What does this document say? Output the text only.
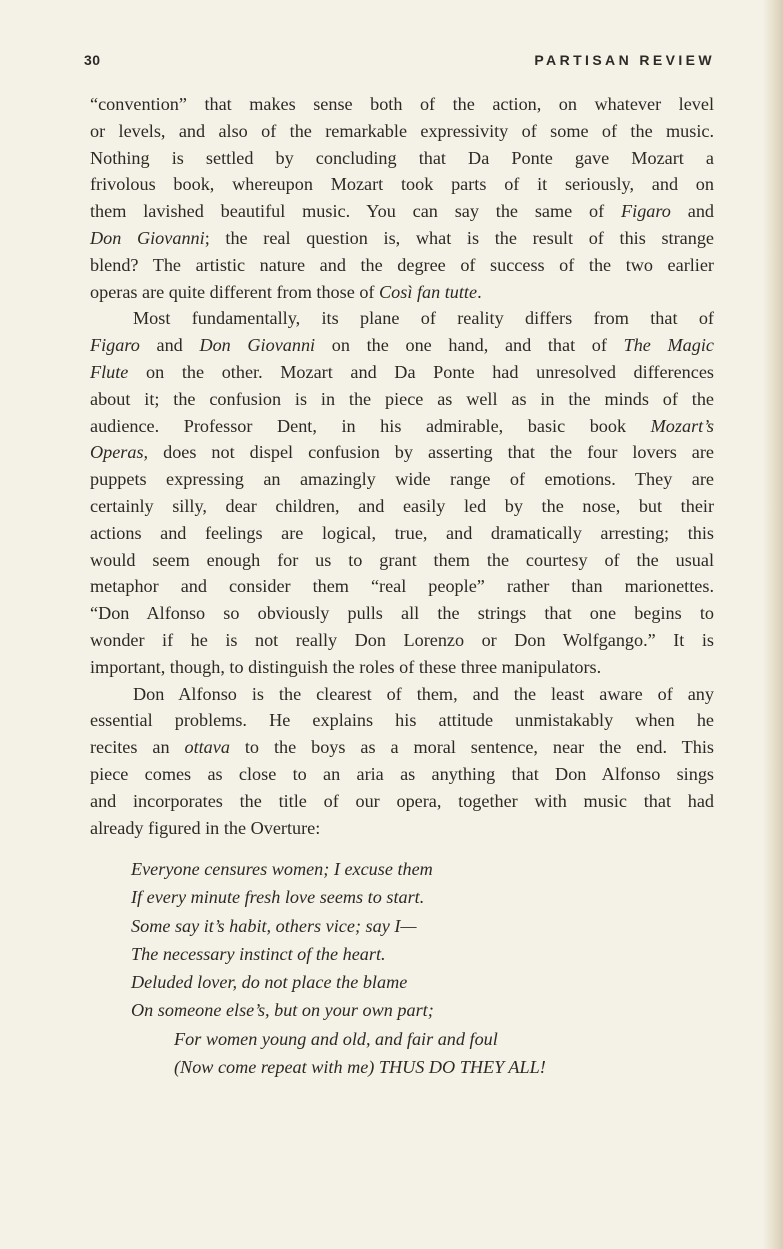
30	PARTISAN REVIEW
“convention” that makes sense both of the action, on whatever level
or levels, and also of the remarkable expressivity of some of the music.
Nothing is settled by concluding that Da Ponte gave Mozart a
frivolous book, whereupon Mozart took parts of it seriously, and on
them lavished beautiful music. You can say the same of Figaro and
Don Giovanni; the real question is, what is the result of this strange
blend? The artistic nature and the degree of success of the two earlier
operas are quite different from those of Così fan tutte.
Most fundamentally, its plane of reality differs from that of
Figaro and Don Giovanni on the one hand, and that of The Magic
Flute on the other. Mozart and Da Ponte had unresolved differences
about it; the confusion is in the piece as well as in the minds of the
audience. Professor Dent, in his admirable, basic book Mozart’s
Operas, does not dispel confusion by asserting that the four lovers are
puppets expressing an amazingly wide range of emotions. They are
certainly silly, dear children, and easily led by the nose, but their
actions and feelings are logical, true, and dramatically arresting; this
would seem enough for us to grant them the courtesy of the usual
metaphor and consider them “real people” rather than marionettes.
“Don Alfonso so obviously pulls all the strings that one begins to
wonder if he is not really Don Lorenzo or Don Wolfgango.” It is
important, though, to distinguish the roles of these three manipulators.
Don Alfonso is the clearest of them, and the least aware of any
essential problems. He explains his attitude unmistakably when he
recites an ottava to the boys as a moral sentence, near the end. This
piece comes as close to an aria as anything that Don Alfonso sings
and incorporates the title of our opera, together with music that had
already figured in the Overture:
Everyone censures women; I excuse them
If every minute fresh love seems to start.
Some say it’s habit, others vice; say I—
The necessary instinct of the heart.
Deluded lover, do not place the blame
On someone else’s, but on your own part;
For women young and old, and fair and foul
(Now come repeat with me) THUS DO THEY ALL!
